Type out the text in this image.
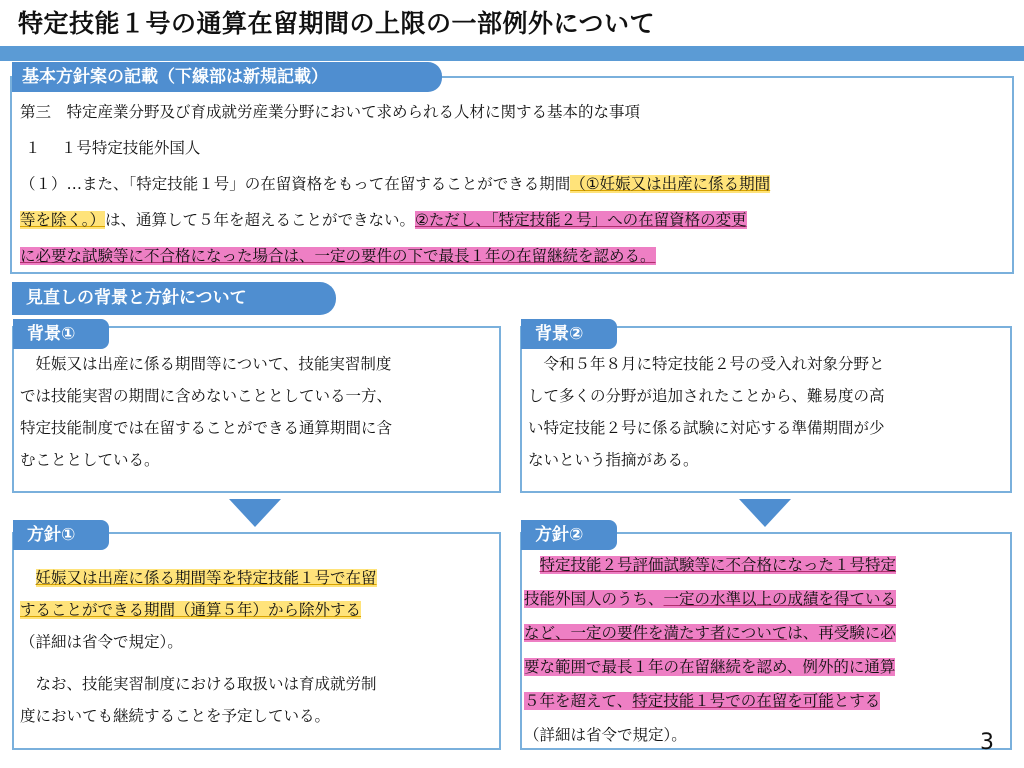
特定技能１号の通算在留期間の上限の一部例外について
基本方針案の記載（下線部は新規記載）

第三　特定産業分野及び育成就労産業分野において求められる人材に関する基本的な事項

１　 １号特定技能外国人

（１）…また、「特定技能１号」の在留資格をもって在留することができる期間（①妊娠又は出産に係る期間

等を除く。）は、通算して５年を超えることができない。②ただし、「特定技能２号」への在留資格の変更

に必要な試験等に不合格になった場合は、一定の要件の下で最長１年の在留継続を認める。

見直しの背景と方針について
背景①

　妊娠又は出産に係る期間等について、技能実習制度

では技能実習の期間に含めないこととしている一方、

特定技能制度では在留することができる通算期間に含

むこととしている。

背景②

　令和５年８月に特定技能２号の受入れ対象分野と

して多くの分野が追加されたことから、難易度の高

い特定技能２号に係る試験に対応する準備期間が少

ないという指摘がある。

方針①

　妊娠又は出産に係る期間等を特定技能１号で在留

することができる期間（通算５年）から除外する

（詳細は省令で規定）。

　なお、技能実習制度における取扱いは育成就労制

度においても継続することを予定している。

方針②

　特定技能２号評価試験等に不合格になった１号特定

技能外国人のうち、一定の水準以上の成績を得ている

など、一定の要件を満たす者については、再受験に必

要な範囲で最長１年の在留継続を認め、例外的に通算

５年を超えて、特定技能１号での在留を可能とする

（詳細は省令で規定）。	3
